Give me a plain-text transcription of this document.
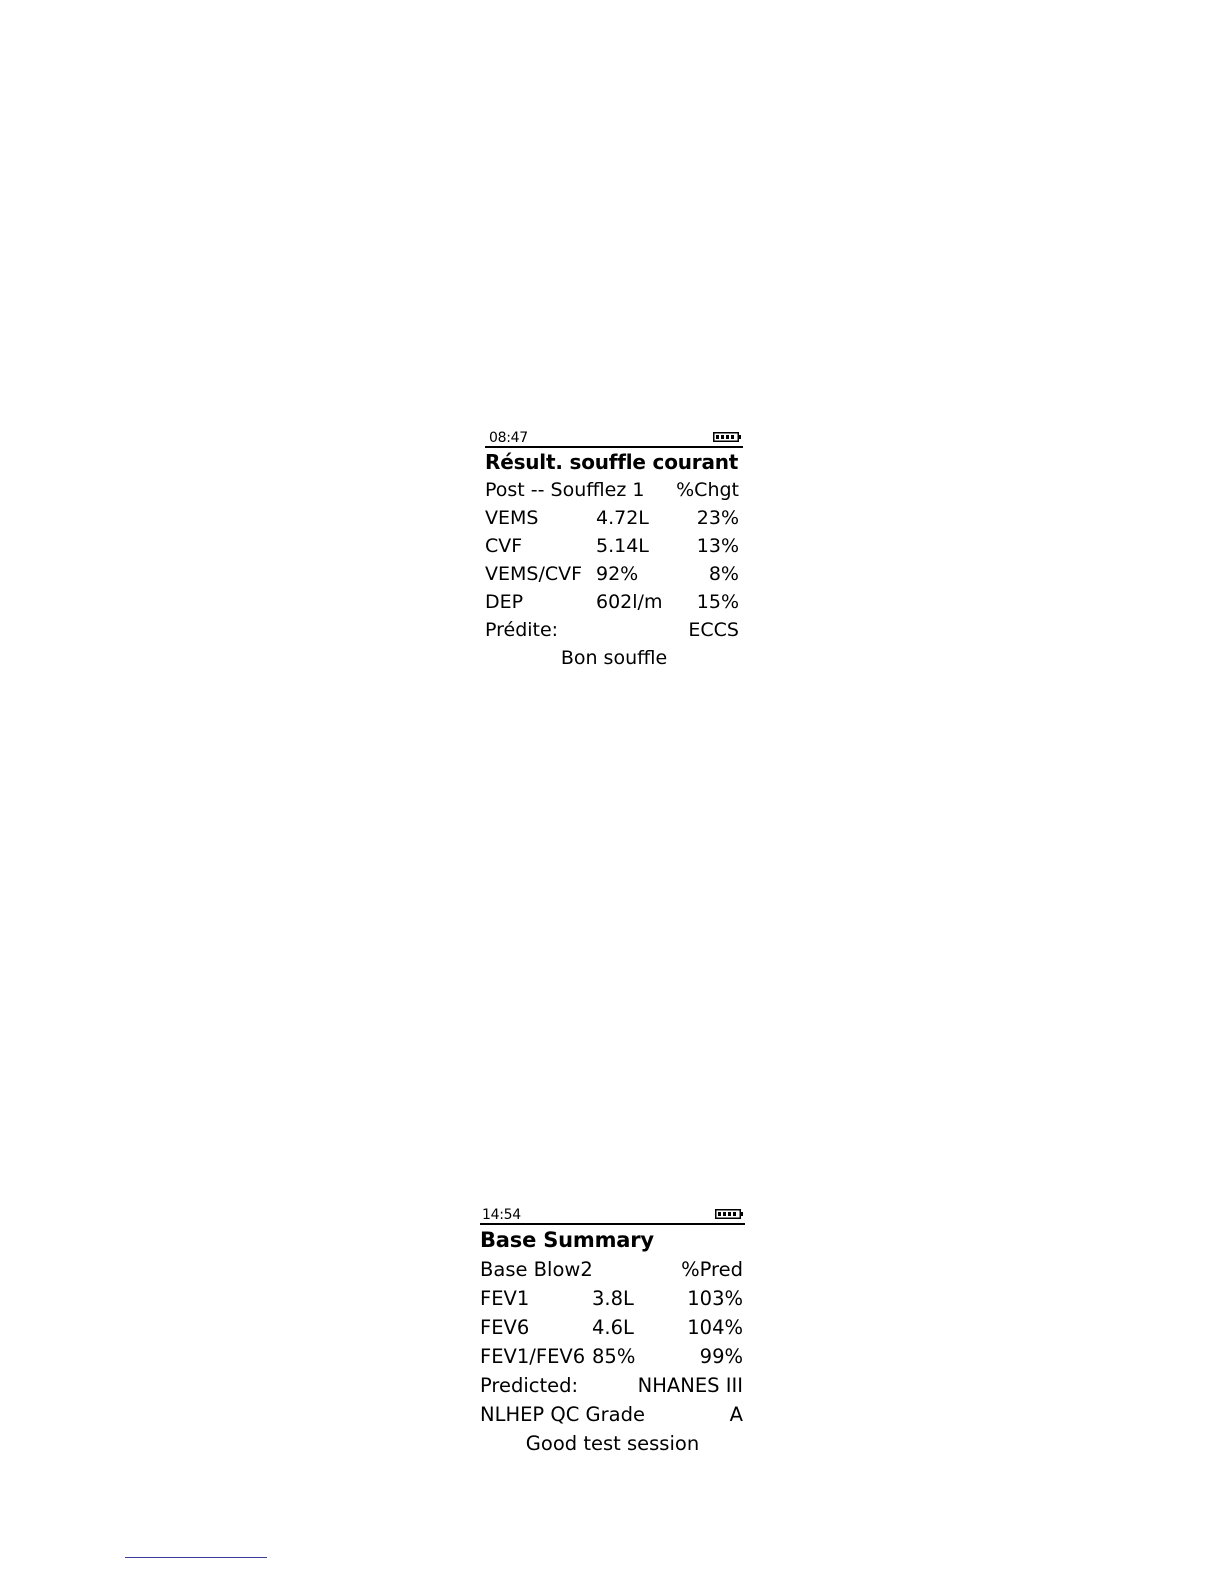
08:47
Résult. souffle courant
Post -- Soufflez 1 %Chgt
VEMS	4.72L	23%
CVF	5.14L	13%
VEMS/CVF 92%	8%
DEP	602l/m 15%
Prédite:	ECCS
Bon souffle
14:54
Base Summary
Base Blow2	%Pred
FEV1	3.8L	103%
FEV6	4.6L	104%
FEV1/FEV6 85%	99%
Predicted:	NHANES III
NLHEP QC Grade	A
Good test session
